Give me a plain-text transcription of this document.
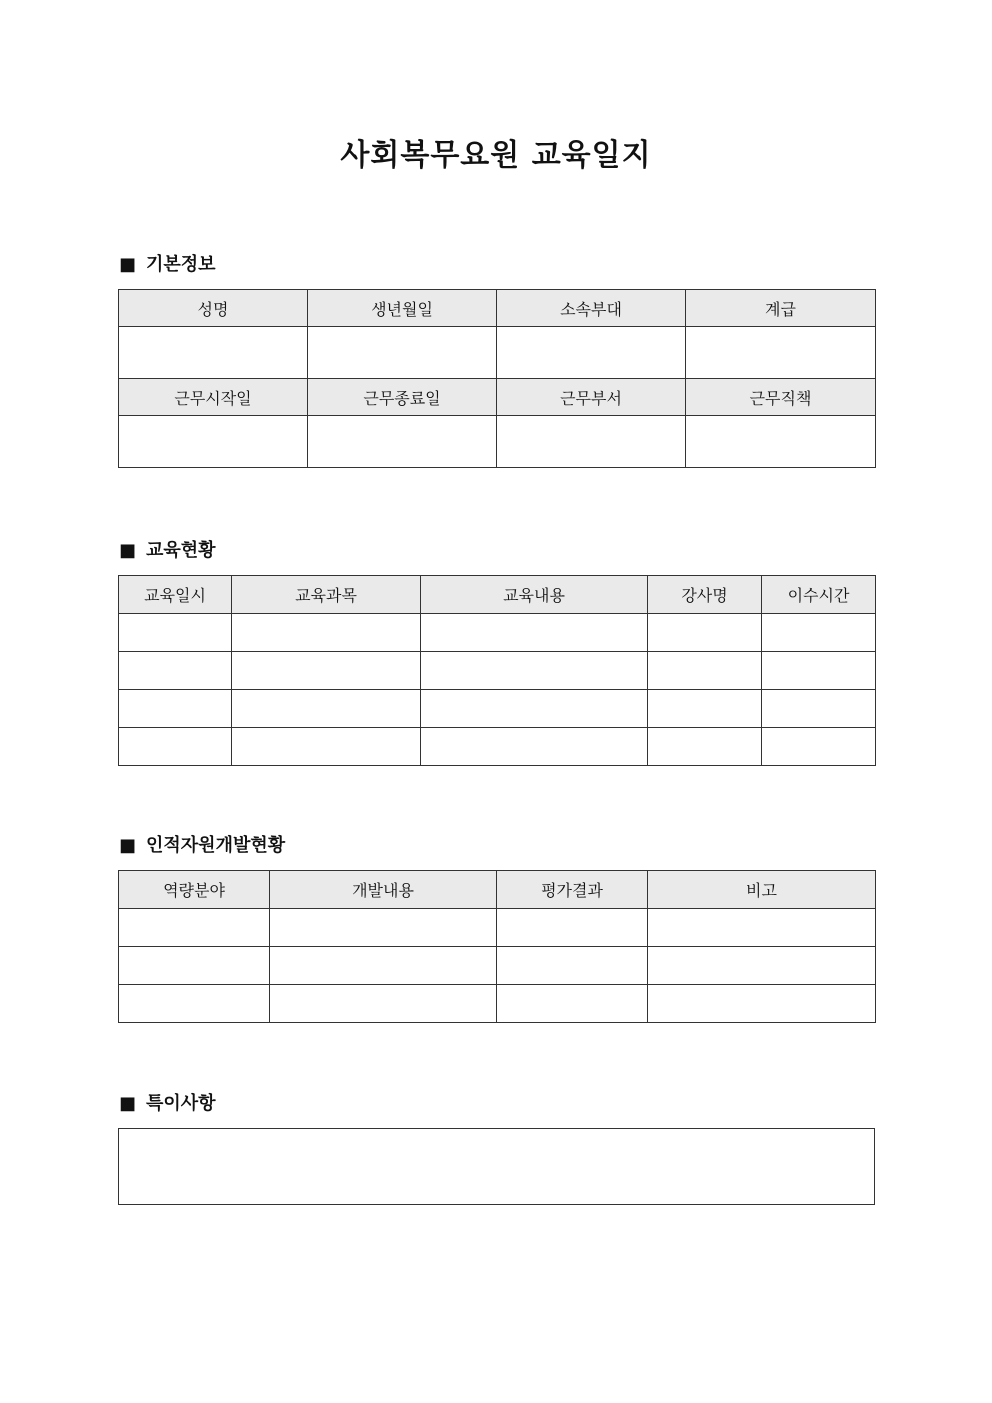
사회복무요원 교육일지
■ 기본정보
성명	생년월일	소속부대	계급

근무시작일	근무종료일	근무부서	근무직책

■ 교육현황
교육일시	교육과목	교육내용	강사명	이수시간

■ 인적자원개발현황
역량분야	개발내용	평가결과	비고

■ 특이사항
